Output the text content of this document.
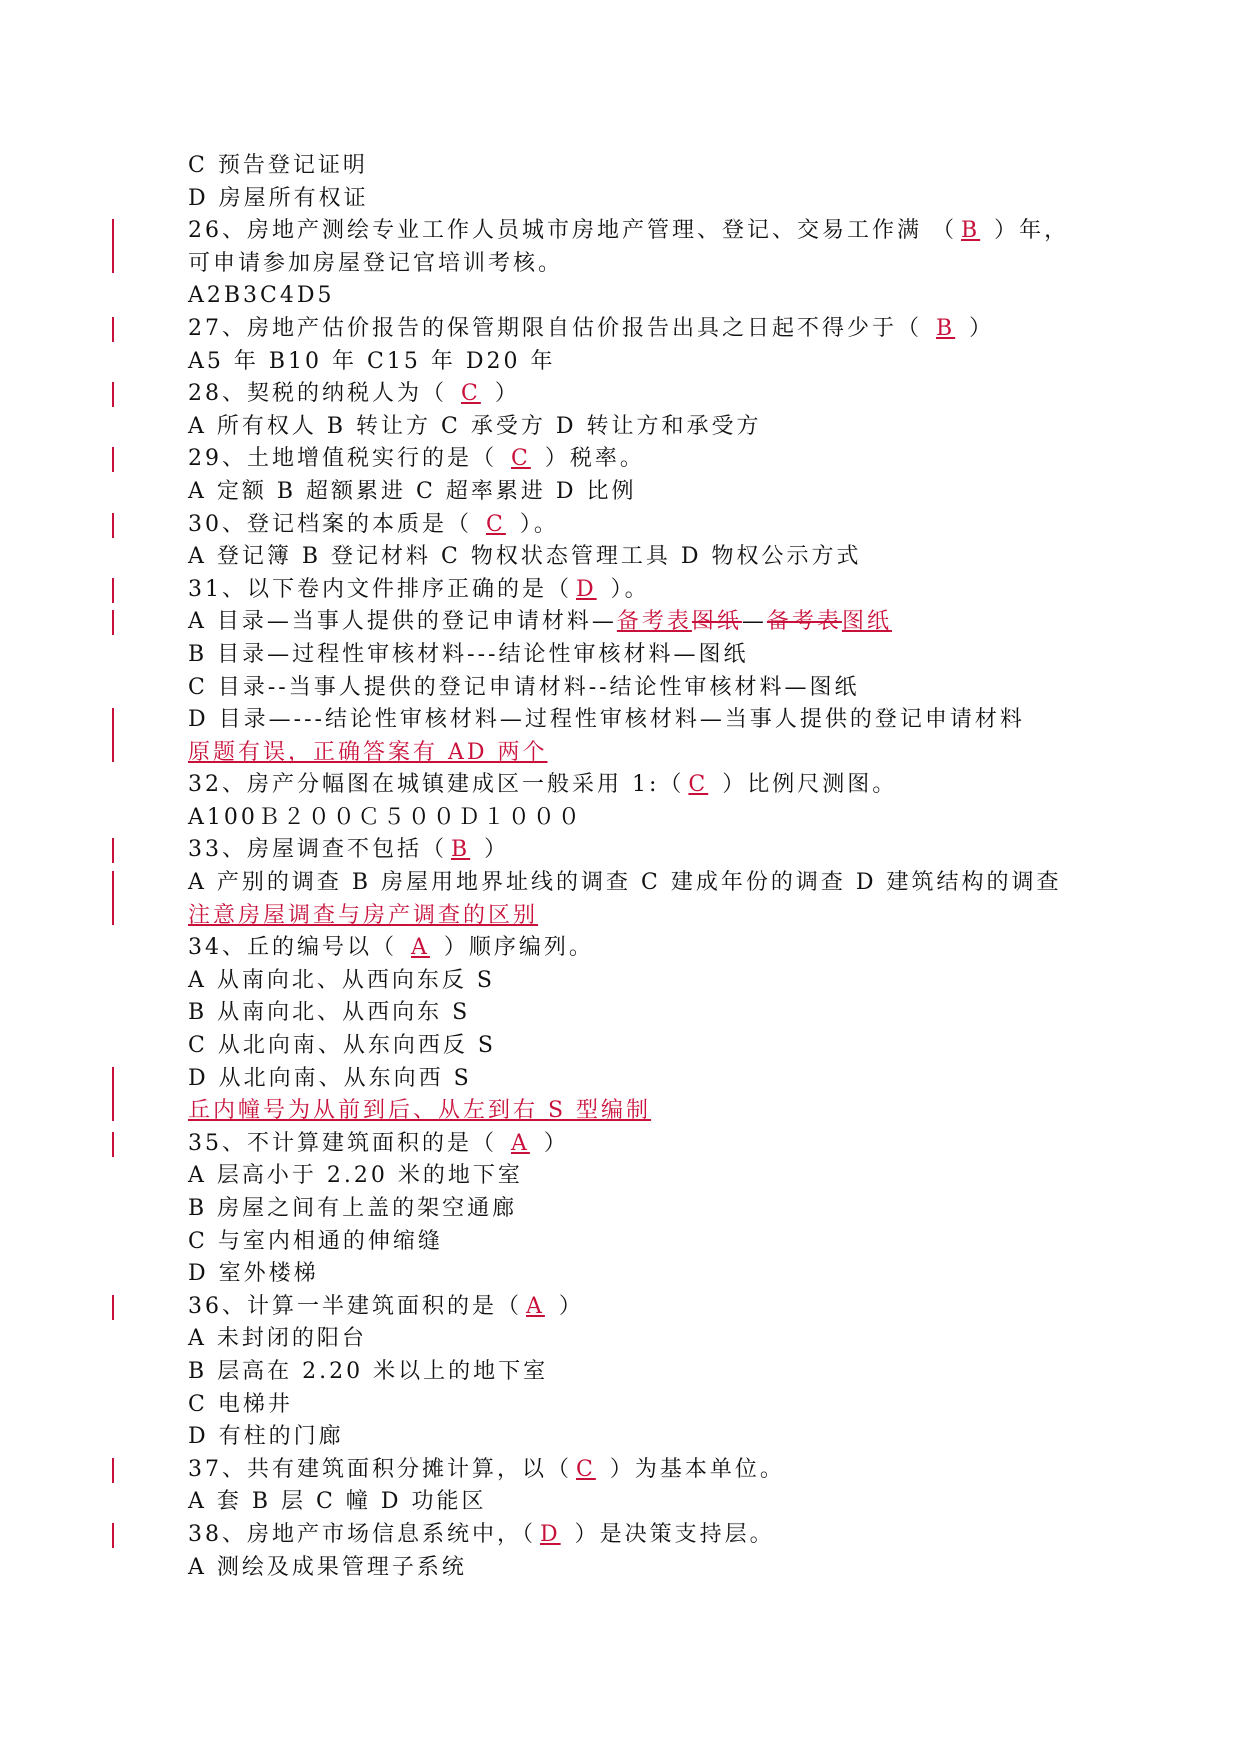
C 预告登记证明
D 房屋所有权证
26、房地产测绘专业工作人员城市房地产管理、登记、交易工作满 （ B ）年，
可申请参加房屋登记官培训考核。
A2B3C4D5
27、房地产估价报告的保管期限自估价报告出具之日起不得少于（ B ）
A5 年 B10 年 C15 年 D20 年
28、契税的纳税人为（ C ）
A 所有权人 B 转让方 C 承受方 D 转让方和承受方
29、土地增值税实行的是（ C ）税率。
A 定额 B 超额累进 C 超率累进 D 比例
30、登记档案的本质是（ C ）。
A 登记簿 B 登记材料 C 物权状态管理工具 D 物权公示方式
31、以下卷内文件排序正确的是（ D ）。
A 目录—当事人提供的登记申请材料—备考表图纸—备考表图纸
B 目录—过程性审核材料---结论性审核材料—图纸
C 目录--当事人提供的登记申请材料--结论性审核材料—图纸
D 目录—---结论性审核材料—过程性审核材料—当事人提供的登记申请材料
原题有误，正确答案有 AD 两个
32、房产分幅图在城镇建成区一般采用 1:（ C ）比例尺测图。
A100Ｂ２００Ｃ５００Ｄ１０００
33、房屋调查不包括（ B ）
A 产别的调查 B 房屋用地界址线的调查 C 建成年份的调查 D 建筑结构的调查
注意房屋调查与房产调查的区别
34、丘的编号以（ A ）顺序编列。
A 从南向北、从西向东反 S
B 从南向北、从西向东 S
C 从北向南、从东向西反 S
D 从北向南、从东向西 S
丘内幢号为从前到后、从左到右 S 型编制
35、不计算建筑面积的是（ A ）
A 层高小于 2.20 米的地下室
B 房屋之间有上盖的架空通廊
C 与室内相通的伸缩缝
D 室外楼梯
36、计算一半建筑面积的是（ A ）
A 未封闭的阳台
B 层高在 2.20 米以上的地下室
C 电梯井
D 有柱的门廊
37、共有建筑面积分摊计算，以（ C ）为基本单位。
A 套 B 层 C 幢 D 功能区
38、房地产市场信息系统中，（ D ）是决策支持层。
A 测绘及成果管理子系统
